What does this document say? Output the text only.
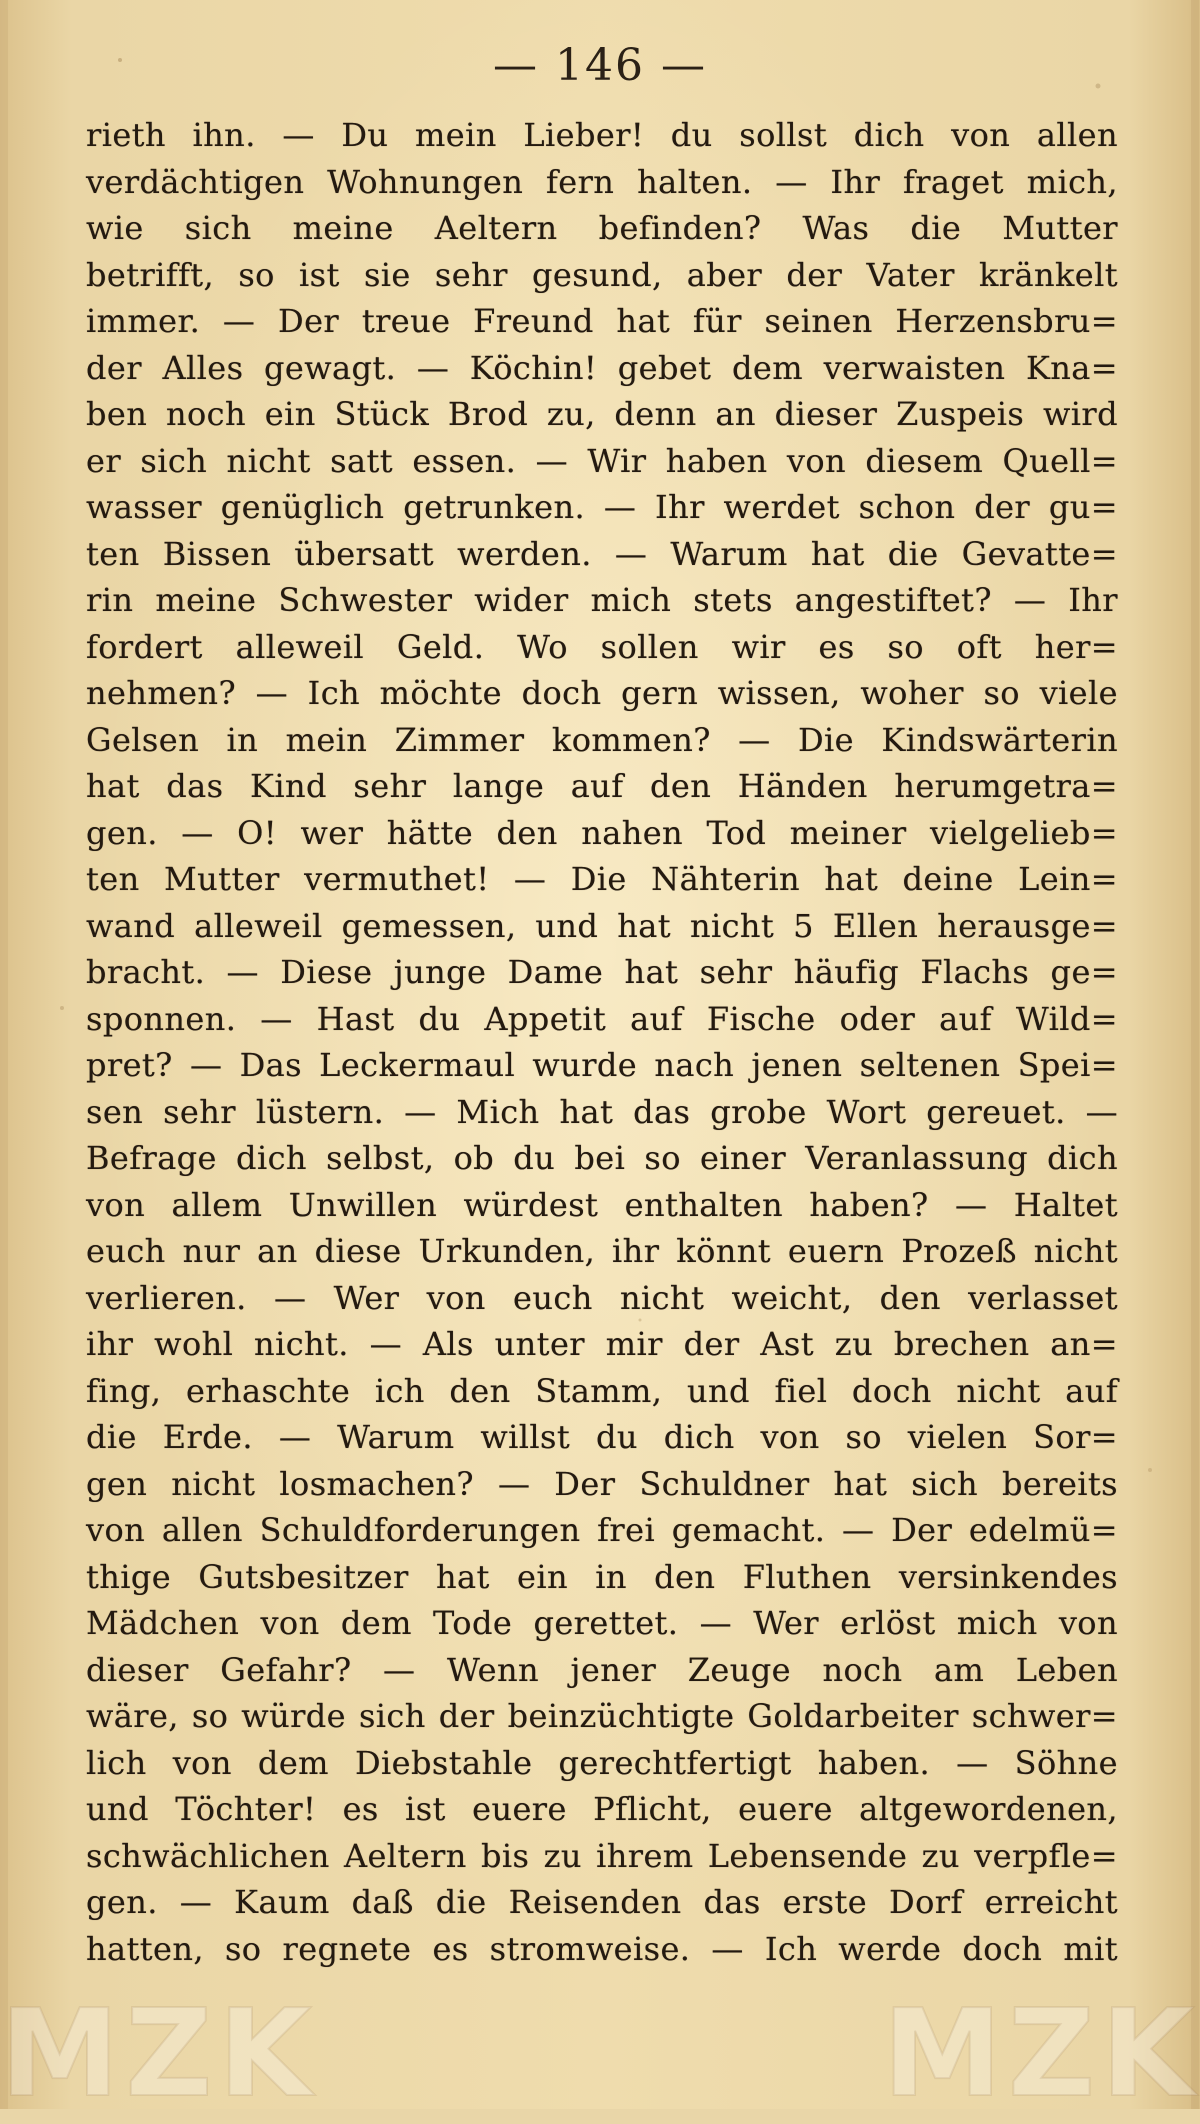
— 146 —
rieth ihn. — Du mein Lieber! du sollst dich von allen
verdächtigen Wohnungen fern halten. — Ihr fraget mich,
wie sich meine Aeltern befinden? Was die Mutter
betrifft, so ist sie sehr gesund, aber der Vater kränkelt
immer. — Der treue Freund hat für seinen Herzensbru=
der Alles gewagt. — Köchin! gebet dem verwaisten Kna=
ben noch ein Stück Brod zu, denn an dieser Zuspeis wird
er sich nicht satt essen. — Wir haben von diesem Quell=
wasser genüglich getrunken. — Ihr werdet schon der gu=
ten Bissen übersatt werden. — Warum hat die Gevatte=
rin meine Schwester wider mich stets angestiftet? — Ihr
fordert alleweil Geld. Wo sollen wir es so oft her=
nehmen? — Ich möchte doch gern wissen, woher so viele
Gelsen in mein Zimmer kommen? — Die Kindswärterin
hat das Kind sehr lange auf den Händen herumgetra=
gen. — O! wer hätte den nahen Tod meiner vielgelieb=
ten Mutter vermuthet! — Die Nähterin hat deine Lein=
wand alleweil gemessen, und hat nicht 5 Ellen herausge=
bracht. — Diese junge Dame hat sehr häufig Flachs ge=
sponnen. — Hast du Appetit auf Fische oder auf Wild=
pret? — Das Leckermaul wurde nach jenen seltenen Spei=
sen sehr lüstern. — Mich hat das grobe Wort gereuet. —
Befrage dich selbst, ob du bei so einer Veranlassung dich
von allem Unwillen würdest enthalten haben? — Haltet
euch nur an diese Urkunden, ihr könnt euern Prozeß nicht
verlieren. — Wer von euch nicht weicht, den verlasset
ihr wohl nicht. — Als unter mir der Ast zu brechen an=
fing, erhaschte ich den Stamm, und fiel doch nicht auf
die Erde. — Warum willst du dich von so vielen Sor=
gen nicht losmachen? — Der Schuldner hat sich bereits
von allen Schuldforderungen frei gemacht. — Der edelmü=
thige Gutsbesitzer hat ein in den Fluthen versinkendes
Mädchen von dem Tode gerettet. — Wer erlöst mich von
dieser Gefahr? — Wenn jener Zeuge noch am Leben
wäre, so würde sich der beinzüchtigte Goldarbeiter schwer=
lich von dem Diebstahle gerechtfertigt haben. — Söhne
und Töchter! es ist euere Pflicht, euere altgewordenen,
schwächlichen Aeltern bis zu ihrem Lebensende zu verpfle=
gen. — Kaum daß die Reisenden das erste Dorf erreicht
hatten, so regnete es stromweise. — Ich werde doch mit
MZK	MZK
